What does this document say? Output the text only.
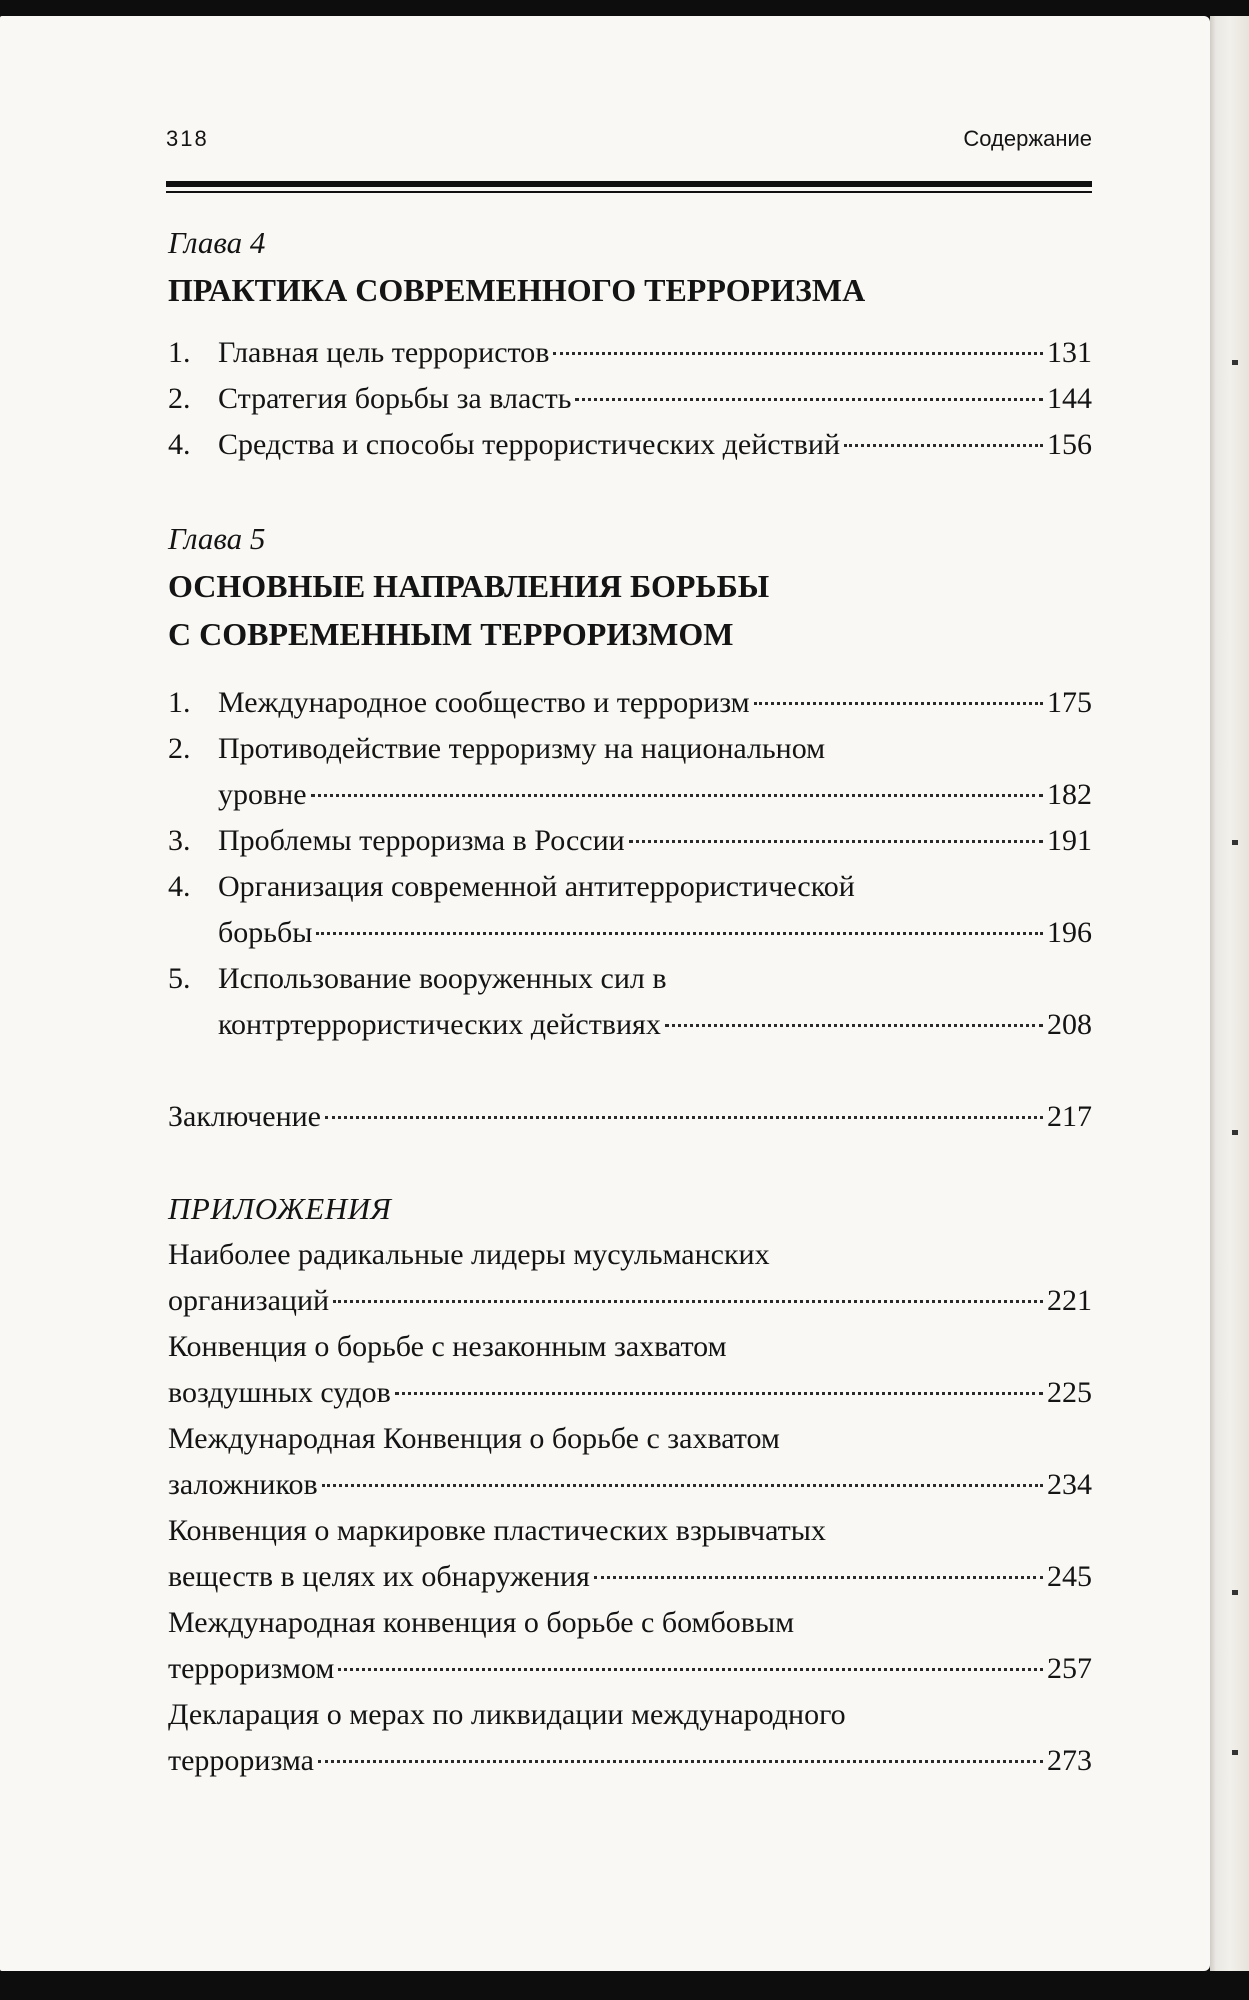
318	Содержание
Глава 4
ПРАКТИКА СОВРЕМЕННОГО ТЕРРОРИЗМА
1. Главная цель террористов	131
2. Стратегия борьбы за власть	144
4. Средства и способы террористических действий	156
Глава 5
ОСНОВНЫЕ НАПРАВЛЕНИЯ БОРЬБЫ
С СОВРЕМЕННЫМ ТЕРРОРИЗМОМ
1. Международное сообщество и терроризм	175
2. Противодействие терроризму на национальном
уровне	182
3. Проблемы терроризма в России	191
4. Организация современной антитеррористической
борьбы	196
5. Использование вооруженных сил в
контртеррористических действиях	208
Заключение	217
ПРИЛОЖЕНИЯ
Наиболее радикальные лидеры мусульманских
организаций	221
Конвенция о борьбе с незаконным захватом
воздушных судов	225
Международная Конвенция о борьбе с захватом
заложников	234
Конвенция о маркировке пластических взрывчатых
веществ в целях их обнаружения	245
Международная конвенция о борьбе с бомбовым
терроризмом	257
Декларация о мерах по ликвидации международного
терроризма	273
